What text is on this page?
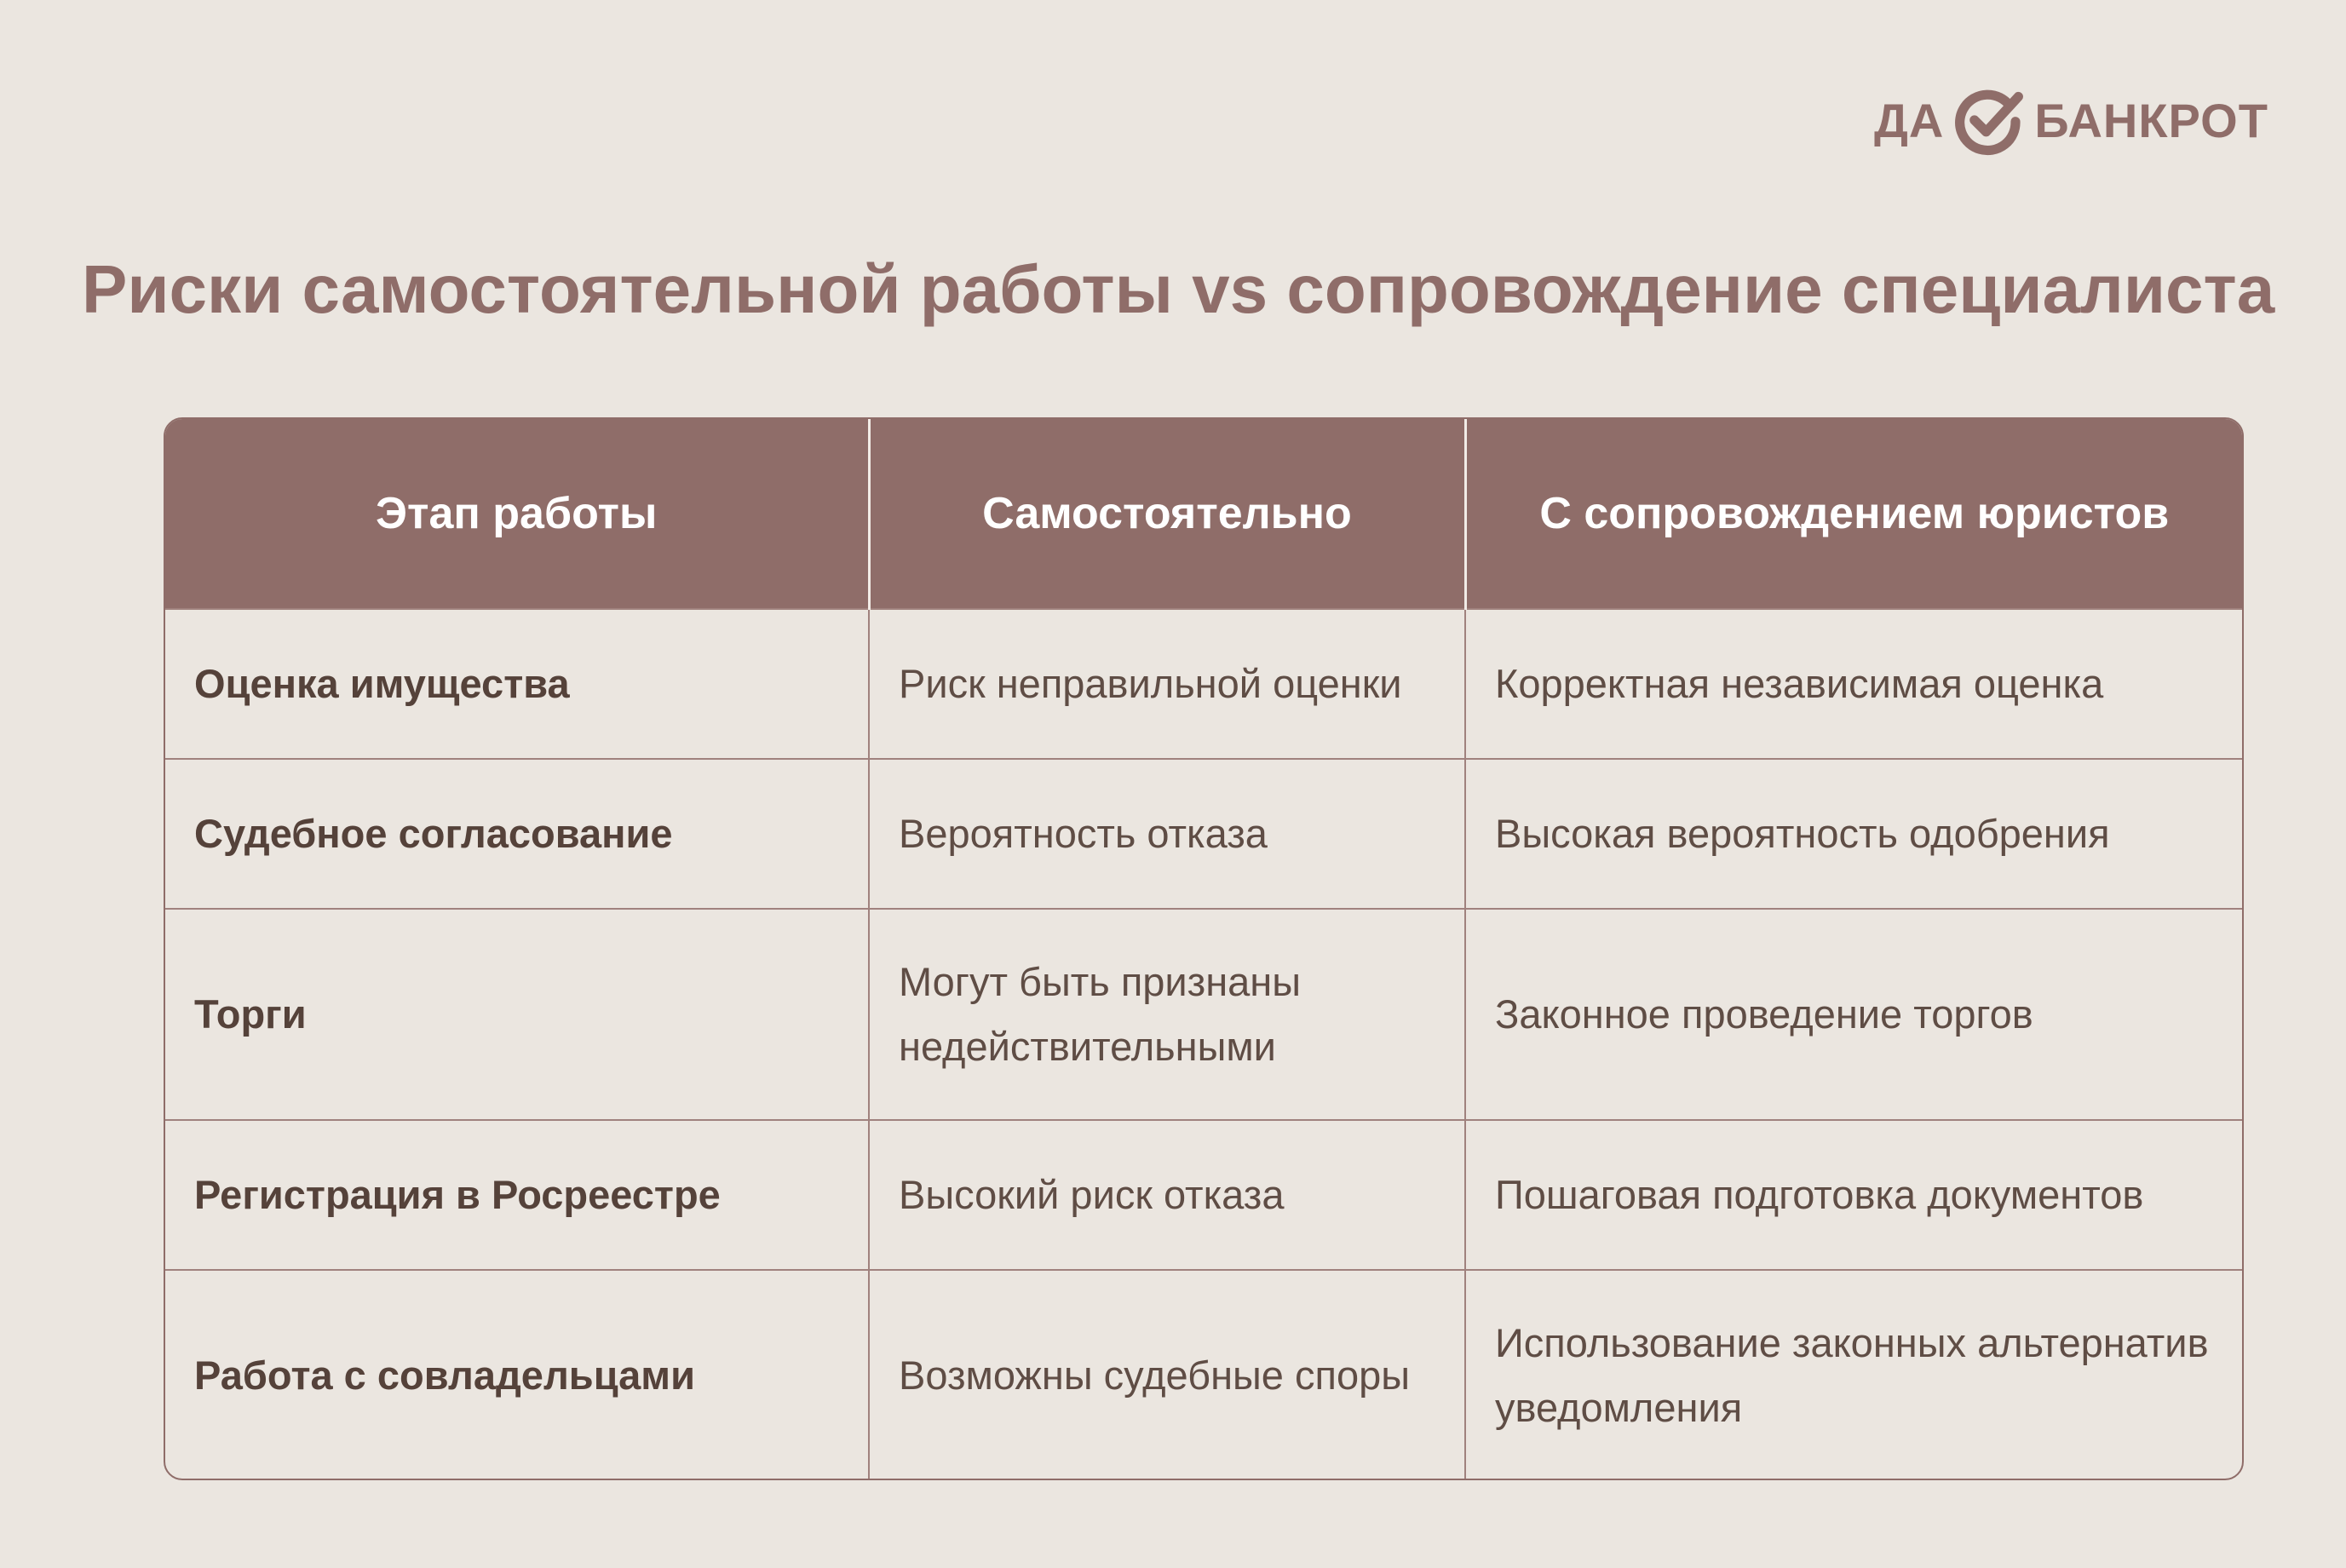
ДА БАНКРОТ
Риски самостоятельной работы vs сопровождение специалиста
Этап работы	Самостоятельно	С сопровождением юристов
Оценка имущества	Риск неправильной оценки	Корректная независимая оценка
Судебное согласование	Вероятность отказа	Высокая вероятность одобрения
Торги	Могут быть признаны недействительными	Законное проведение торгов
Регистрация в Росреестре	Высокий риск отказа	Пошаговая подготовка документов
Работа с совладельцами	Возможны судебные споры	Использование законных альтернатив уведомления
